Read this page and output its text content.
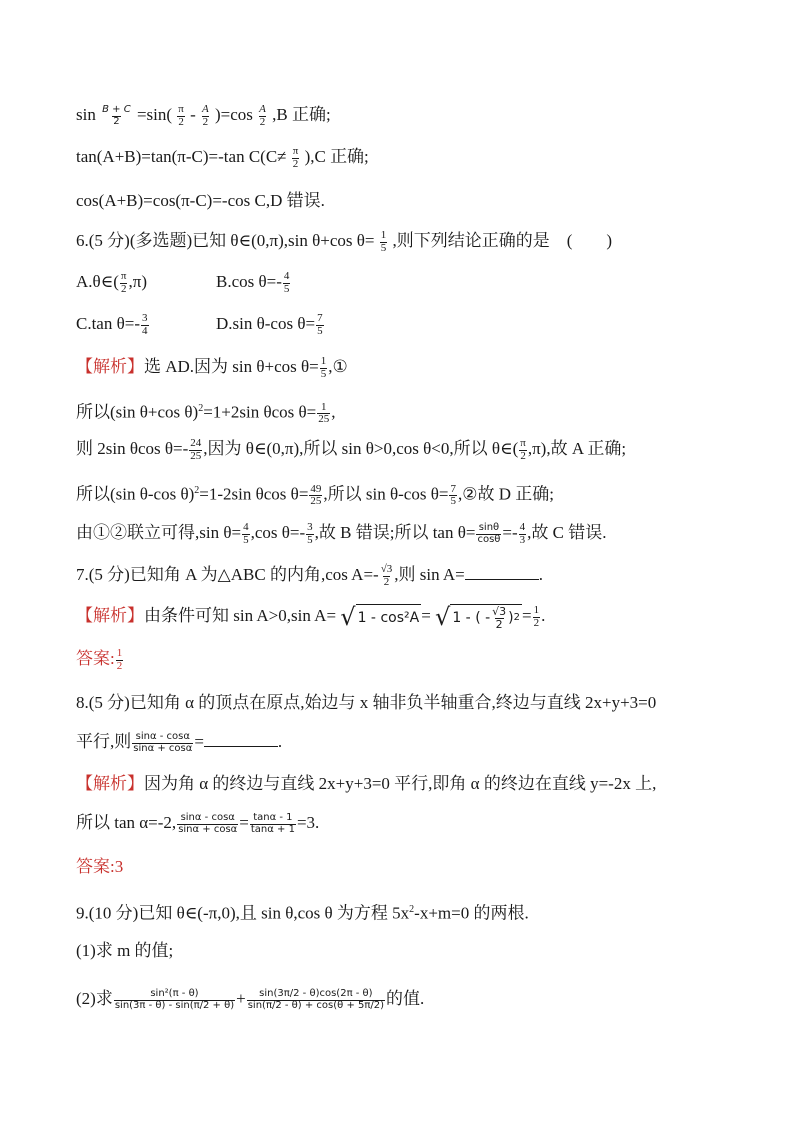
$\sin \frac{B + C}{2} =\sin( \frac{\pi}{2} - \frac{A}{2} )=\cos \frac{A}{2} ,B$ 正确;
tan(A+B)=tan(π-C)=-tan $C(C\ne \frac{\pi}{2} ),C$ 正确;
cos(A+B)=cos(π-C)=-cos C,D 错误.
6.(5 分)(多选题)已知 θ∈(0,π),sin θ+cos $\theta= \frac{1}{5}$ ,则下列结论正确的是　(　　)
A.θ∈( $\frac{\pi}{2} ,\pi$)	B.cos $\theta=- \frac{4}{5}$
C.tan $\theta=- \frac{3}{4}$	D.sin θ-cos $\theta= \frac{7}{5}$
【解析】选 AD.因为 sin θ+cos $\theta= \frac{1}{5}$ ,①
所以(sin θ+cos θ)$^2$=1+2sin θcos $\theta= \frac{1}{25}$ ,
则 2sin θcos $\theta=- \frac{24}{25}$ ,因为 θ∈(0,π),所以 sin θ>0,cos θ<0,所以 θ∈( $\frac{\pi}{2} ,\pi$),故 A 正确;
所以(sin θ-cos θ)$^2$=1-2sin θcos $\theta= \frac{49}{25}$ ,所以 sin θ-cos $\theta= \frac{7}{5}$ ,②故 D 正确;
由①②联立可得,sin $\theta= \frac{4}{5} ,\cos$ $\theta=- \frac{3}{5}$ ,故 B 错误;所以 $\tan \theta= \frac{\sin\theta}{\cos\theta} =- \frac{4}{3}$ ,故 C 错误.
7.(5 分)已知角 A 为△ABC 的内角,cos $A=- \frac{√3}{2}$ ,则 sin A=	.
【解析】由条件可知 sin A>0,sin A= √ 1 - cos²A = √ 1 - ( - √3
2 ) $2 = \frac{1}{2}$ .
答案: $\frac{1}{2}$
8.(5 分)已知角 α 的顶点在原点,始边与 x 轴非负半轴重合,终边与直线 2x+y+3=0
平行,则 $\frac{\sin\alpha - \cos\alpha}{\sin\alpha + \cos\alpha}$ =	.
【解析】因为角 α 的终边与直线 2x+y+3=0 平行,即角 α 的终边在直线 y=-2x 上,
所以 tan α=-2, $\frac{\sin\alpha - \cos\alpha}{\sin\alpha + \cos\alpha} = \frac{\tan\alpha - 1}{\tan\alpha + 1} =3$.
答案:3
9.(10 分)已知 θ∈(-π,0),且 sin θ,cos θ 为方程 $5x^2-x+m=0$ 的两根.
(1)求 m 的值;
(2)求 $\frac{\text{sin²(π - θ)}}{\sin(3\pi - \theta) - \sin(\pi/2 + \theta)} + \frac{\sin(3\pi/2 - \theta)\cos(2\pi - \theta)}{\sin(\pi/2 - \theta) + \cos(\theta + 5\pi/2)}$ 的值.
